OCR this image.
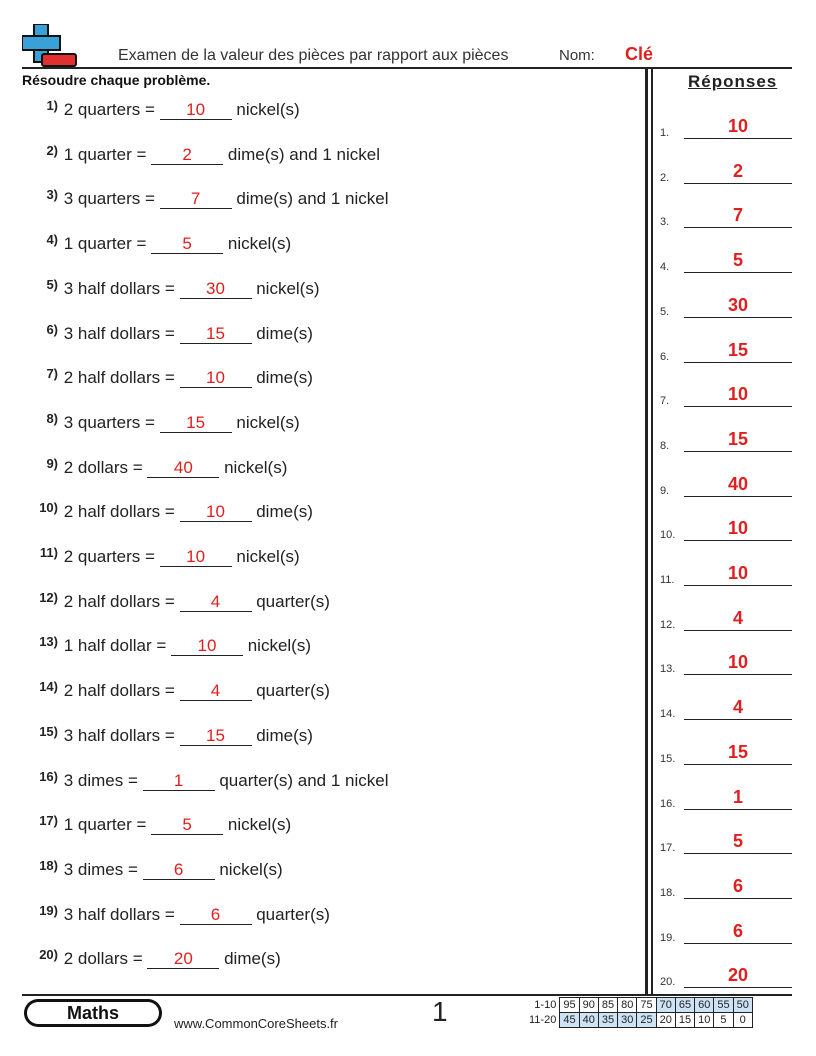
Examen de la valeur des pièces par rapport aux pièces	Nom: Clé
Résoudre chaque problème.	Réponses
1) 2 quarters = 10 nickel(s)
2) 1 quarter = 2 dime(s) and 1 nickel
3) 3 quarters = 7 dime(s) and 1 nickel
4) 1 quarter = 5 nickel(s)
5) 3 half dollars = 30 nickel(s)
6) 3 half dollars = 15 dime(s)
7) 2 half dollars = 10 dime(s)
8) 3 quarters = 15 nickel(s)
9) 2 dollars = 40 nickel(s)
10) 2 half dollars = 10 dime(s)
11) 2 quarters = 10 nickel(s)
12) 2 half dollars = 4 quarter(s)
13) 1 half dollar = 10 nickel(s)
14) 2 half dollars = 4 quarter(s)
15) 3 half dollars = 15 dime(s)
16) 3 dimes = 1 quarter(s) and 1 nickel
17) 1 quarter = 5 nickel(s)
18) 3 dimes = 6 nickel(s)
19) 3 half dollars = 6 quarter(s)
20) 2 dollars = 20 dime(s)
1.	10
2.	2
3.	7
4.	5
5.	30
6.	15
7.	10
8.	15
9.	40
10.	10
11.	10
12.	4
13.	10
14.	4
15.	15
16.	1
17.	5
18.	6
19.	6
20.	20
Maths
www.CommonCoreSheets.fr	1	1-10	95	90	85	80	75	70	65	60	55	50
11-20	45	40	35	30	25	20	15	10	5	0
